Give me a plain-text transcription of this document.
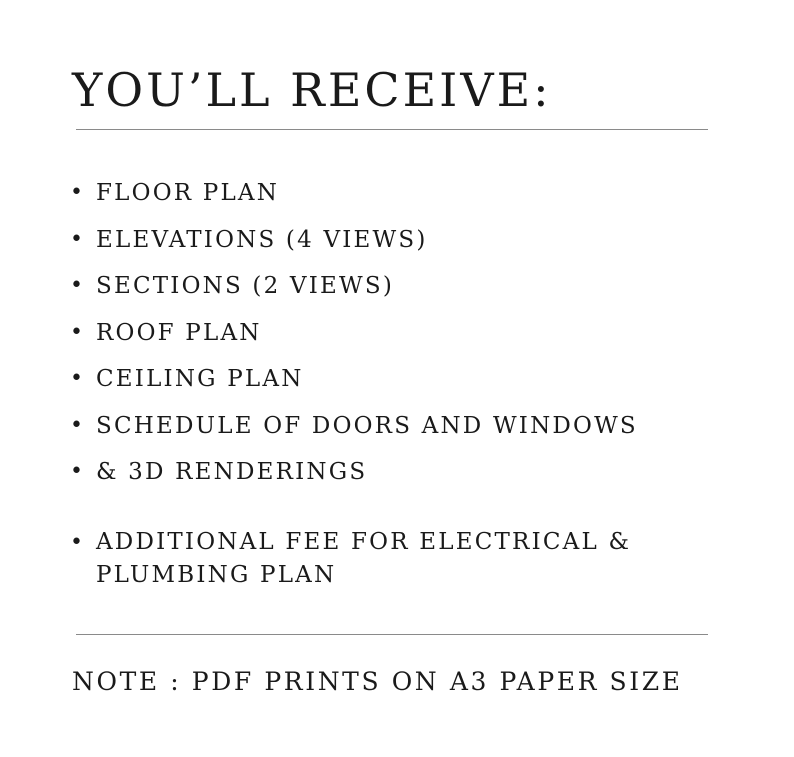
YOU’LL RECEIVE:
• FLOOR PLAN
• ELEVATIONS (4 VIEWS)
• SECTIONS (2 VIEWS)
• ROOF PLAN
• CEILING PLAN
• SCHEDULE OF DOORS AND WINDOWS
• & 3D RENDERINGS
• ADDITIONAL FEE FOR ELECTRICAL &
PLUMBING PLAN
NOTE : PDF PRINTS ON A3 PAPER SIZE
